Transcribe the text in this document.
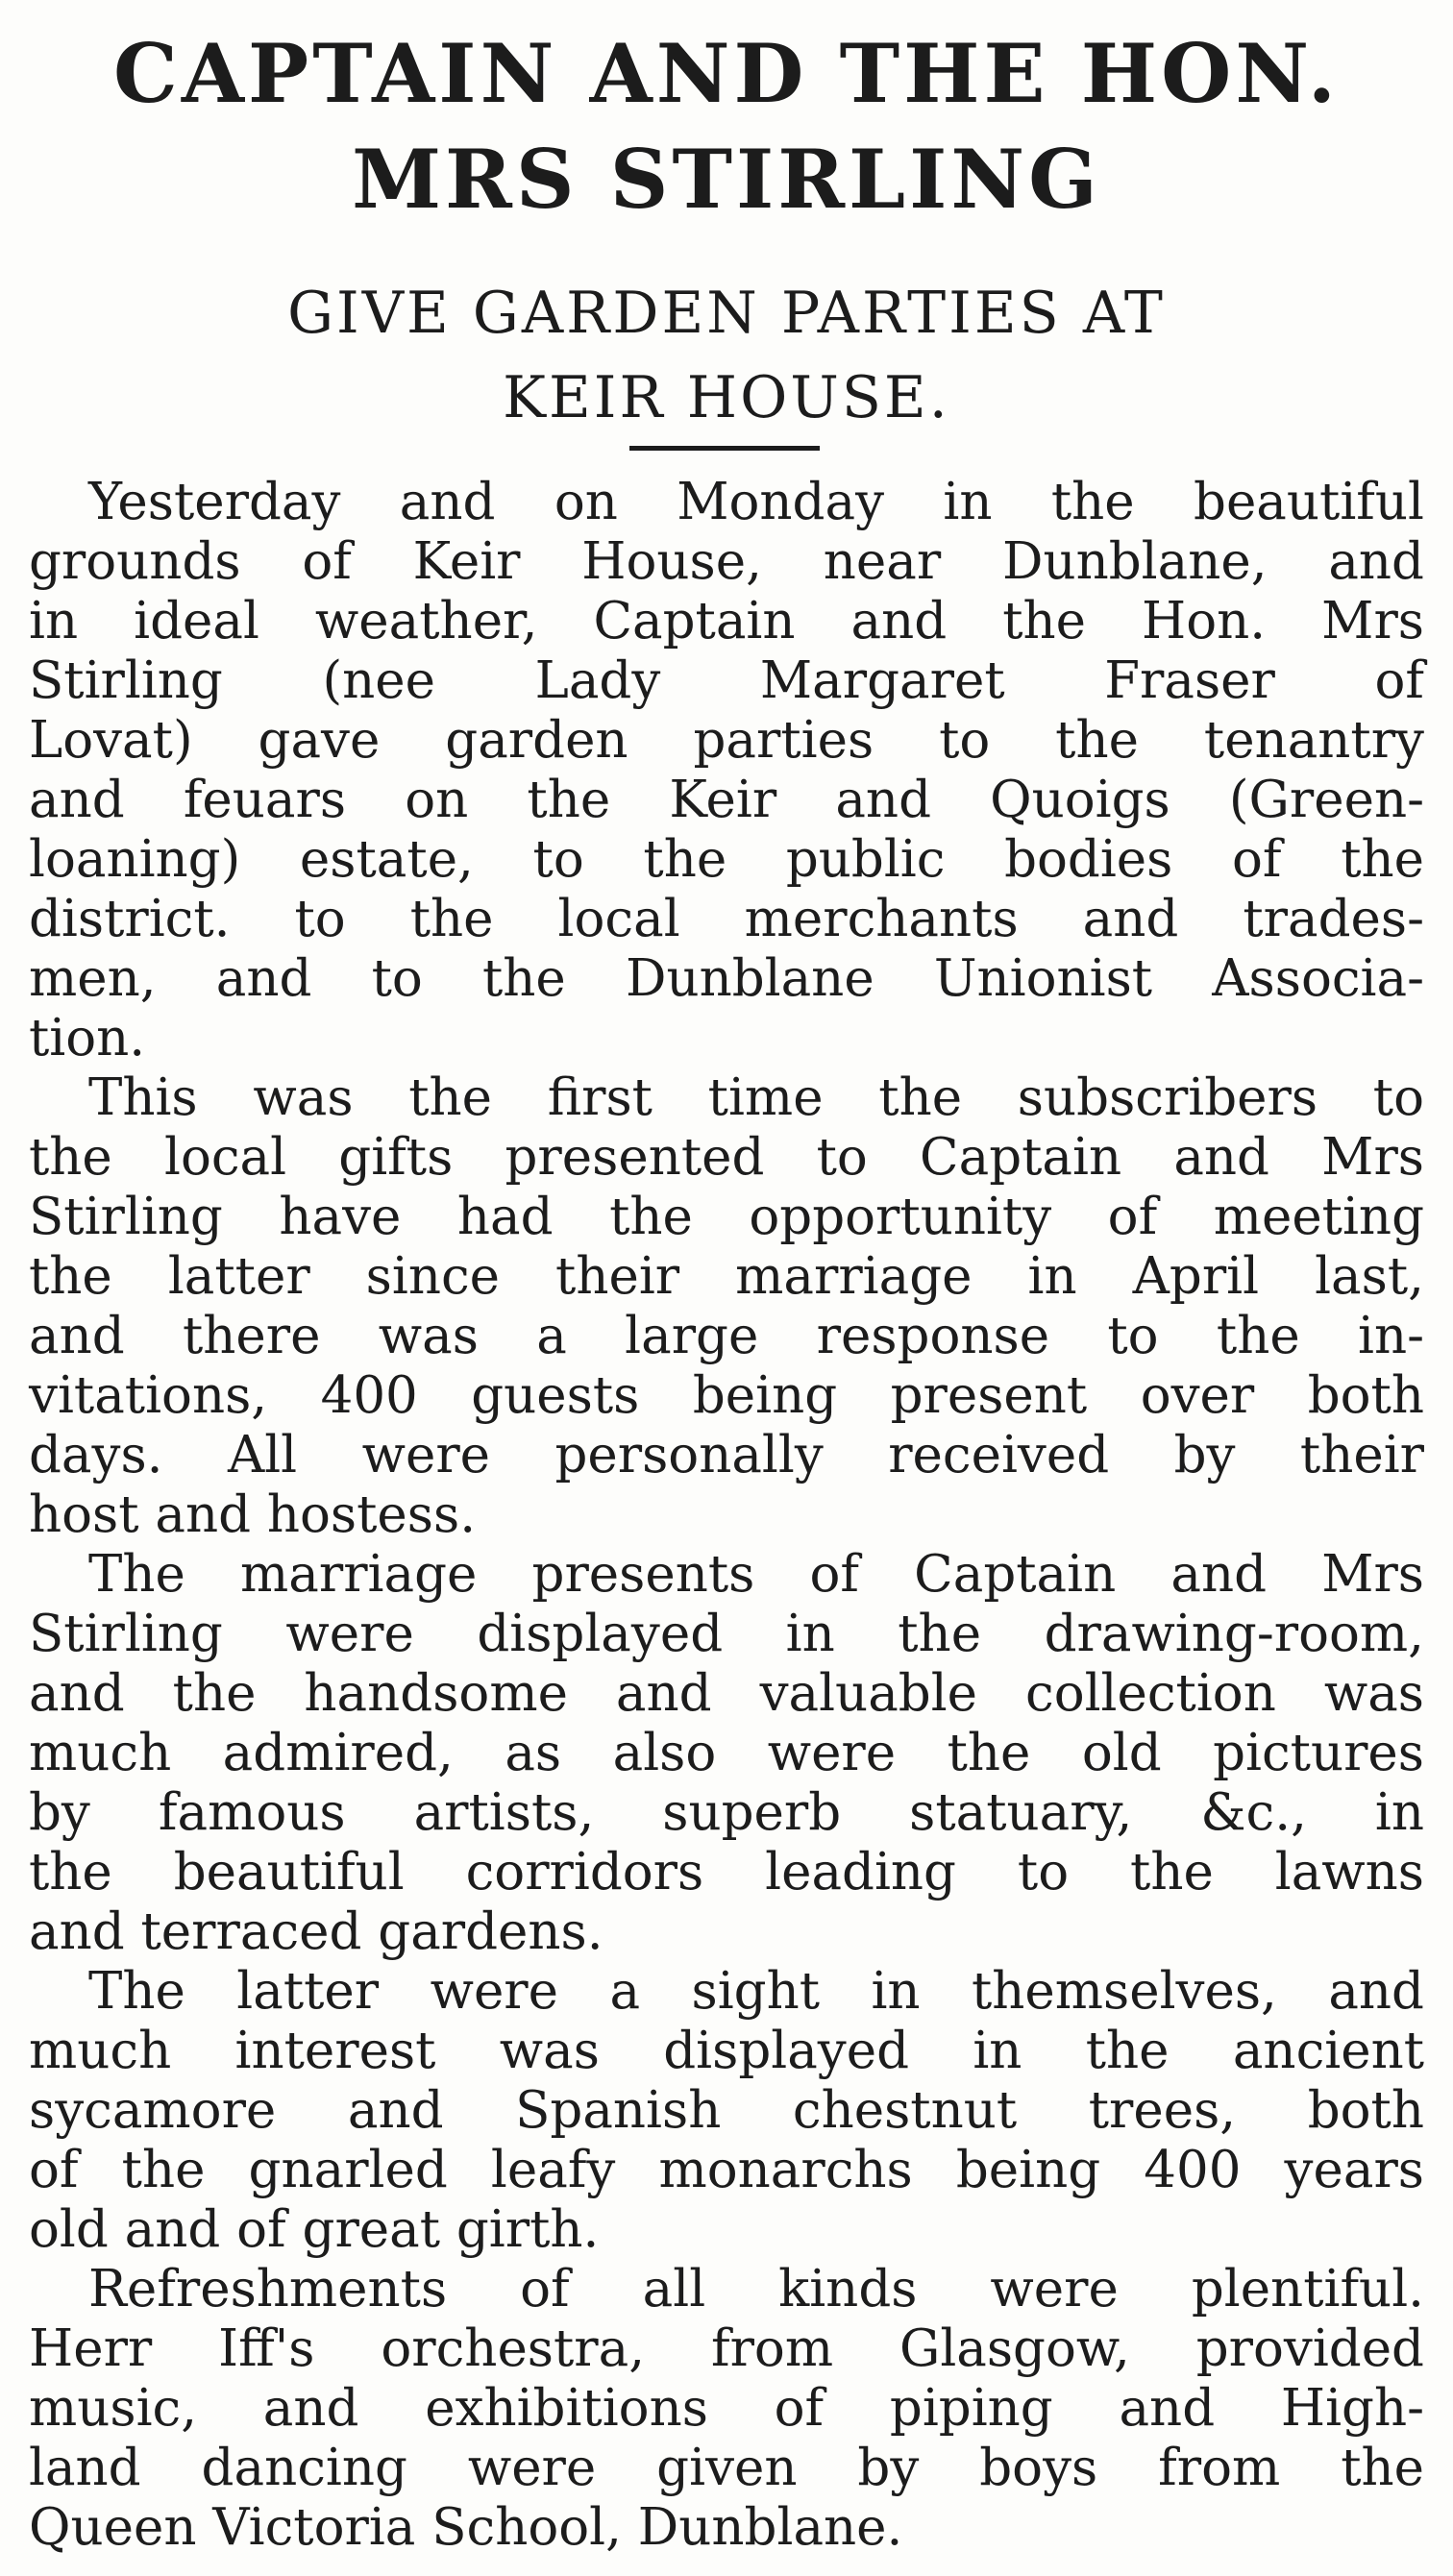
CAPTAIN AND THE HON.
MRS STIRLING
GIVE GARDEN PARTIES AT
KEIR HOUSE.

Yesterday and on Monday in the beautiful
grounds of Keir House, near Dunblane, and
in ideal weather, Captain and the Hon. Mrs
Stirling (nee Lady Margaret Fraser of
Lovat) gave garden parties to the tenantry
and feuars on the Keir and Quoigs (Green-
loaning) estate, to the public bodies of the
district. to the local merchants and trades-
men, and to the Dunblane Unionist Associa-
tion.

This was the first time the subscribers to
the local gifts presented to Captain and Mrs
Stirling have had the opportunity of meeting
the latter since their marriage in April last,
and there was a large response to the in-
vitations, 400 guests being present over both
days. All were personally received by their
host and hostess.

The marriage presents of Captain and Mrs
Stirling were displayed in the drawing-room,
and the handsome and valuable collection was
much admired, as also were the old pictures
by famous artists, superb statuary, &c., in
the beautiful corridors leading to the lawns
and terraced gardens.

The latter were a sight in themselves, and
much interest was displayed in the ancient
sycamore and Spanish chestnut trees, both
of the gnarled leafy monarchs being 400 years
old and of great girth.

Refreshments of all kinds were plentiful.
Herr Iff's orchestra, from Glasgow, provided
music, and exhibitions of piping and High-
land dancing were given by boys from the
Queen Victoria School, Dunblane.
